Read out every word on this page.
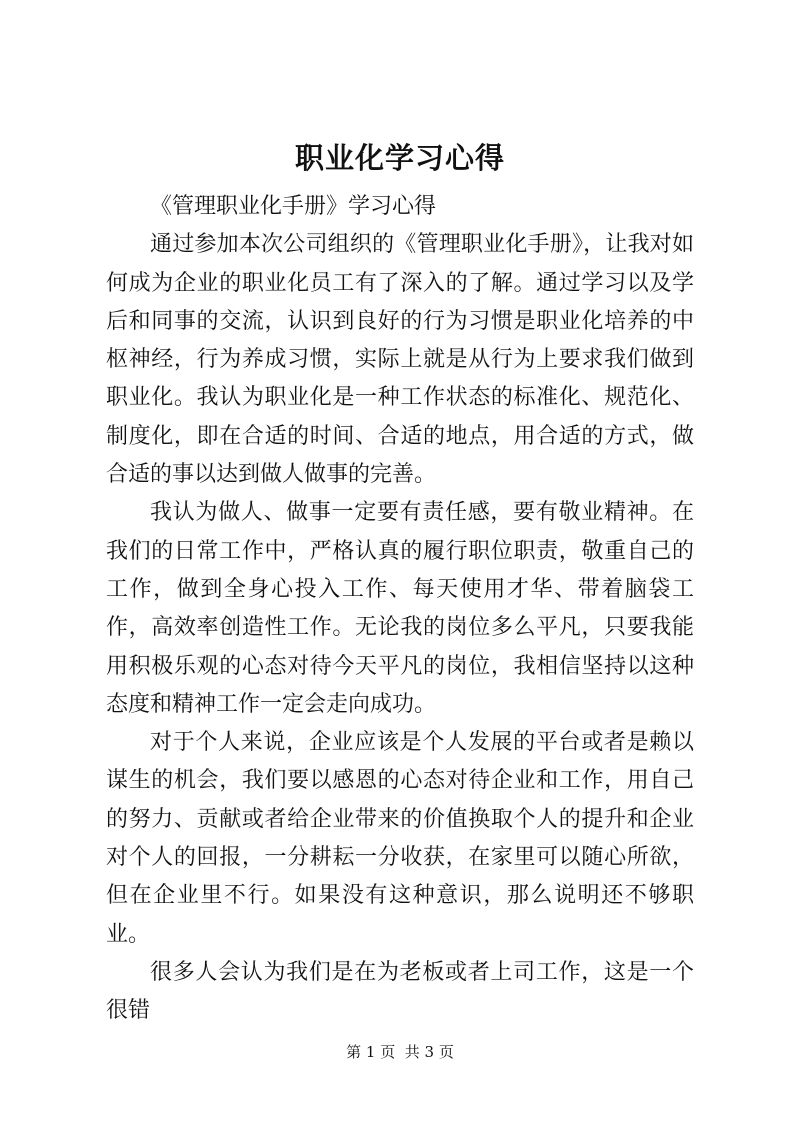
职业化学习心得

《管理职业化手册》学习心得

通过参加本次公司组织的《管理职业化手册》，让我对如何成为企业的职业化员工有了深入的了解。通过学习以及学后和同事的交流，认识到良好的行为习惯是职业化培养的中枢神经，行为养成习惯，实际上就是从行为上要求我们做到职业化。我认为职业化是一种工作状态的标准化、规范化、制度化，即在合适的时间、合适的地点，用合适的方式，做合适的事以达到做人做事的完善。

我认为做人、做事一定要有责任感，要有敬业精神。在我们的日常工作中，严格认真的履行职位职责，敬重自己的工作，做到全身心投入工作、每天使用才华、带着脑袋工作，高效率创造性工作。无论我的岗位多么平凡，只要我能用积极乐观的心态对待今天平凡的岗位，我相信坚持以这种态度和精神工作一定会走向成功。

对于个人来说，企业应该是个人发展的平台或者是赖以谋生的机会，我们要以感恩的心态对待企业和工作，用自己的努力、贡献或者给企业带来的价值换取个人的提升和企业对个人的回报，一分耕耘一分收获，在家里可以随心所欲，但在企业里不行。如果没有这种意识，那么说明还不够职业。

很多人会认为我们是在为老板或者上司工作，这是一个很错

第 1 页  共 3 页
